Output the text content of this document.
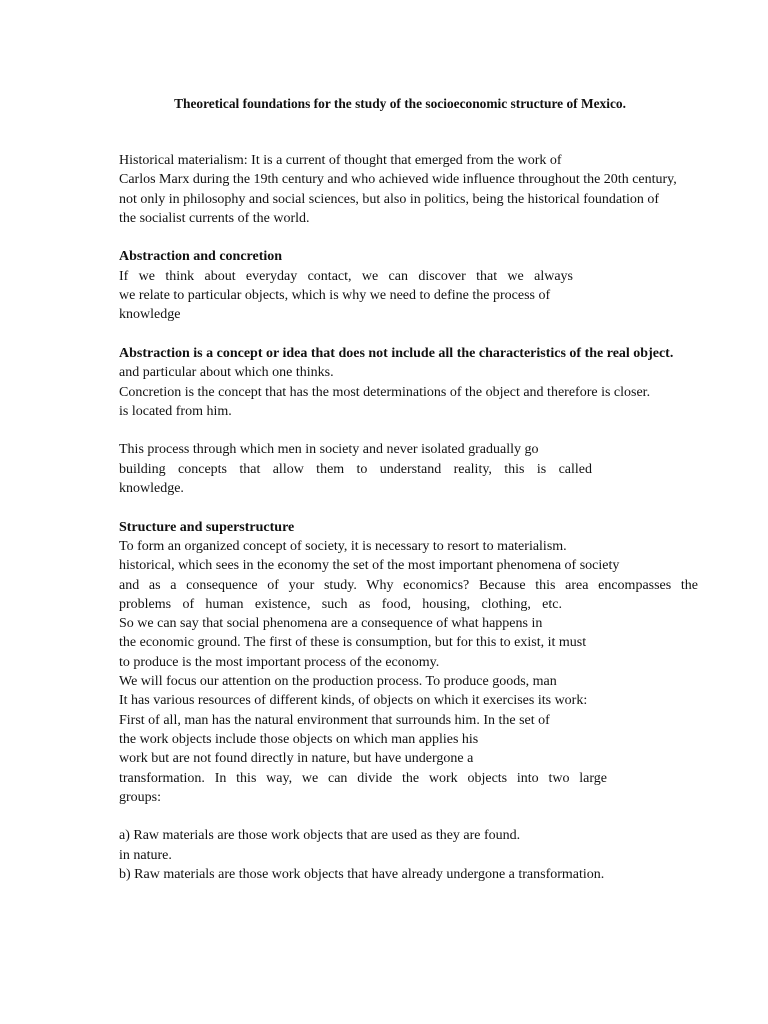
Theoretical foundations for the study of the socioeconomic structure of Mexico.
Historical materialism: It is a current of thought that emerged from the work of
Carlos Marx during the 19th century and who achieved wide influence throughout the 20th century,
not only in philosophy and social sciences, but also in politics, being the historical foundation of
the socialist currents of the world.
Abstraction and concretion
If we think about everyday contact, we can discover that we always
we relate to particular objects, which is why we need to define the process of
knowledge
Abstraction is a concept or idea that does not include all the characteristics of the real object.
and particular about which one thinks.
Concretion is the concept that has the most determinations of the object and therefore is closer.
is located from him.
This process through which men in society and never isolated gradually go
building concepts that allow them to understand reality, this is called
knowledge.
Structure and superstructure
To form an organized concept of society, it is necessary to resort to materialism.
historical, which sees in the economy the set of the most important phenomena of society
and as a consequence of your study. Why economics? Because this area encompasses the
problems of human existence, such as food, housing, clothing, etc.
So we can say that social phenomena are a consequence of what happens in
the economic ground. The first of these is consumption, but for this to exist, it must
to produce is the most important process of the economy.
We will focus our attention on the production process. To produce goods, man
It has various resources of different kinds, of objects on which it exercises its work:
First of all, man has the natural environment that surrounds him. In the set of
the work objects include those objects on which man applies his
work but are not found directly in nature, but have undergone a
transformation. In this way, we can divide the work objects into two large
groups:
a) Raw materials are those work objects that are used as they are found.
in nature.
b) Raw materials are those work objects that have already undergone a transformation.
